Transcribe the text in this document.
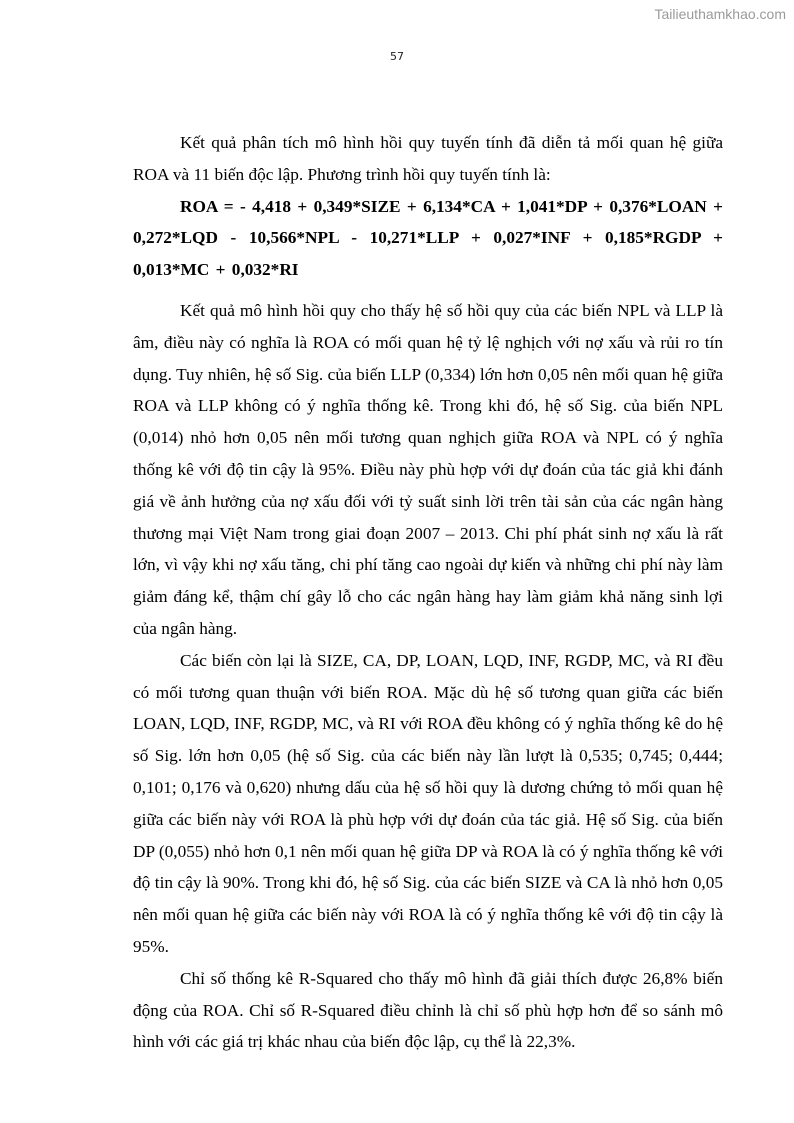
Tailieuthamkhao.com
57

Kết quả phân tích mô hình hồi quy tuyến tính đã diễn tả mối quan hệ giữa ROA và 11 biến độc lập. Phương trình hồi quy tuyến tính là:

ROA = - 4,418 + 0,349*SIZE + 6,134*CA + 1,041*DP + 0,376*LOAN + 0,272*LQD - 10,566*NPL - 10,271*LLP + 0,027*INF + 0,185*RGDP + 0,013*MC + 0,032*RI

Kết quả mô hình hồi quy cho thấy hệ số hồi quy của các biến NPL và LLP là âm, điều này có nghĩa là ROA có mối quan hệ tỷ lệ nghịch với nợ xấu và rủi ro tín dụng. Tuy nhiên, hệ số Sig. của biến LLP (0,334) lớn hơn 0,05 nên mối quan hệ giữa ROA và LLP không có ý nghĩa thống kê. Trong khi đó, hệ số Sig. của biến NPL (0,014) nhỏ hơn 0,05 nên mối tương quan nghịch giữa ROA và NPL có ý nghĩa thống kê với độ tin cậy là 95%. Điều này phù hợp với dự đoán của tác giả khi đánh giá về ảnh hưởng của nợ xấu đối với tỷ suất sinh lời trên tài sản của các ngân hàng thương mại Việt Nam trong giai đoạn 2007 – 2013. Chi phí phát sinh nợ xấu là rất lớn, vì vậy khi nợ xấu tăng, chi phí tăng cao ngoài dự kiến và những chi phí này làm giảm đáng kể, thậm chí gây lỗ cho các ngân hàng hay làm giảm khả năng sinh lợi của ngân hàng.

Các biến còn lại là SIZE, CA, DP, LOAN, LQD, INF, RGDP, MC, và RI đều có mối tương quan thuận với biến ROA. Mặc dù hệ số tương quan giữa các biến LOAN, LQD, INF, RGDP, MC, và RI với ROA đều không có ý nghĩa thống kê do hệ số Sig. lớn hơn 0,05 (hệ số Sig. của các biến này lần lượt là 0,535; 0,745; 0,444; 0,101; 0,176 và 0,620) nhưng dấu của hệ số hồi quy là dương chứng tỏ mối quan hệ giữa các biến này với ROA là phù hợp với dự đoán của tác giả. Hệ số Sig. của biến DP (0,055) nhỏ hơn 0,1 nên mối quan hệ giữa DP và ROA là có ý nghĩa thống kê với độ tin cậy là 90%. Trong khi đó, hệ số Sig. của các biến SIZE và CA là nhỏ hơn 0,05 nên mối quan hệ giữa các biến này với ROA là có ý nghĩa thống kê với độ tin cậy là 95%.

Chỉ số thống kê R-Squared cho thấy mô hình đã giải thích được 26,8% biến động của ROA. Chỉ số R-Squared điều chỉnh là chỉ số phù hợp hơn để so sánh mô hình với các giá trị khác nhau của biến độc lập, cụ thể là 22,3%.
